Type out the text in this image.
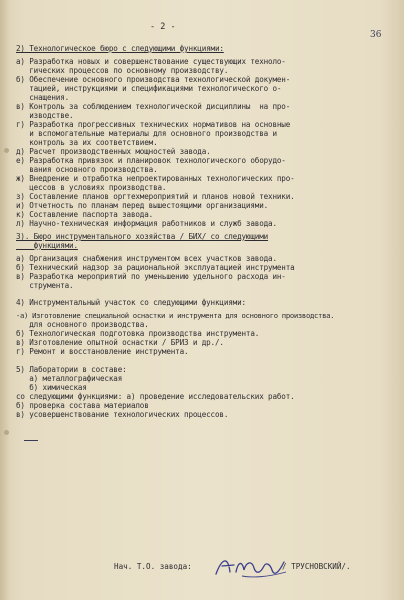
- 2 -
36
2) Технологическое бюро с следующими функциями:
а) Разработка новых и совершенствование существующих техноло-
гических процессов по основному производству.
б) Обеспечение основного производства технологической докумен-
тацией, инструкциями и спецификациями технологического о-
снащения.
в) Контроль за соблюдением технологической дисциплины  на про-
изводстве.
г) Разработка прогрессивных технических нормативов на основные
и вспомогательные материалы для основного производства и
контроль за их соответствием.
д) Расчет производственных мощностей завода.
е) Разработка привязок и планировок технологического оборудо-
вания основного производства.
ж) Внедрение и отработка непроектированных технологических про-
цессов в условиях производства.
з) Составление планов оргтехмероприятий и планов новой техники.
и) Отчетность по планам перед вышестоящими организациями.
к) Составление паспорта завода.
л) Научно-техническая информация работников и служб завода.
3). Бюро инструментального хозяйства / БИХ/ со следующими
функциями.
а) Организация снабжения инструментом всех участков завода.
б) Технический надзор за рациональной эксплуатацией инструмента
в) Разработка мероприятий по уменьшению удельного расхода ин-
струмента.
4) Инструментальный участок со следующими функциями:
-а) Изготовление специальной оснастки и инструмента для основного производства.
для основного производства.
б) Технологическая подготовка производства инструмента.
в) Изготовление опытной оснастки / БРИЗ и др./.
г) Ремонт и восстановление инструмента.
5) Лаборатории в составе:
а) металлографическая
б) химическая
со следующими функциями: а) проведение исследовательских работ.
б) проверка состава материалов
в) усовершенствование технологических процессов.
Нач. Т.О. завода:	/ ТРУСНОВСКИЙ/.
